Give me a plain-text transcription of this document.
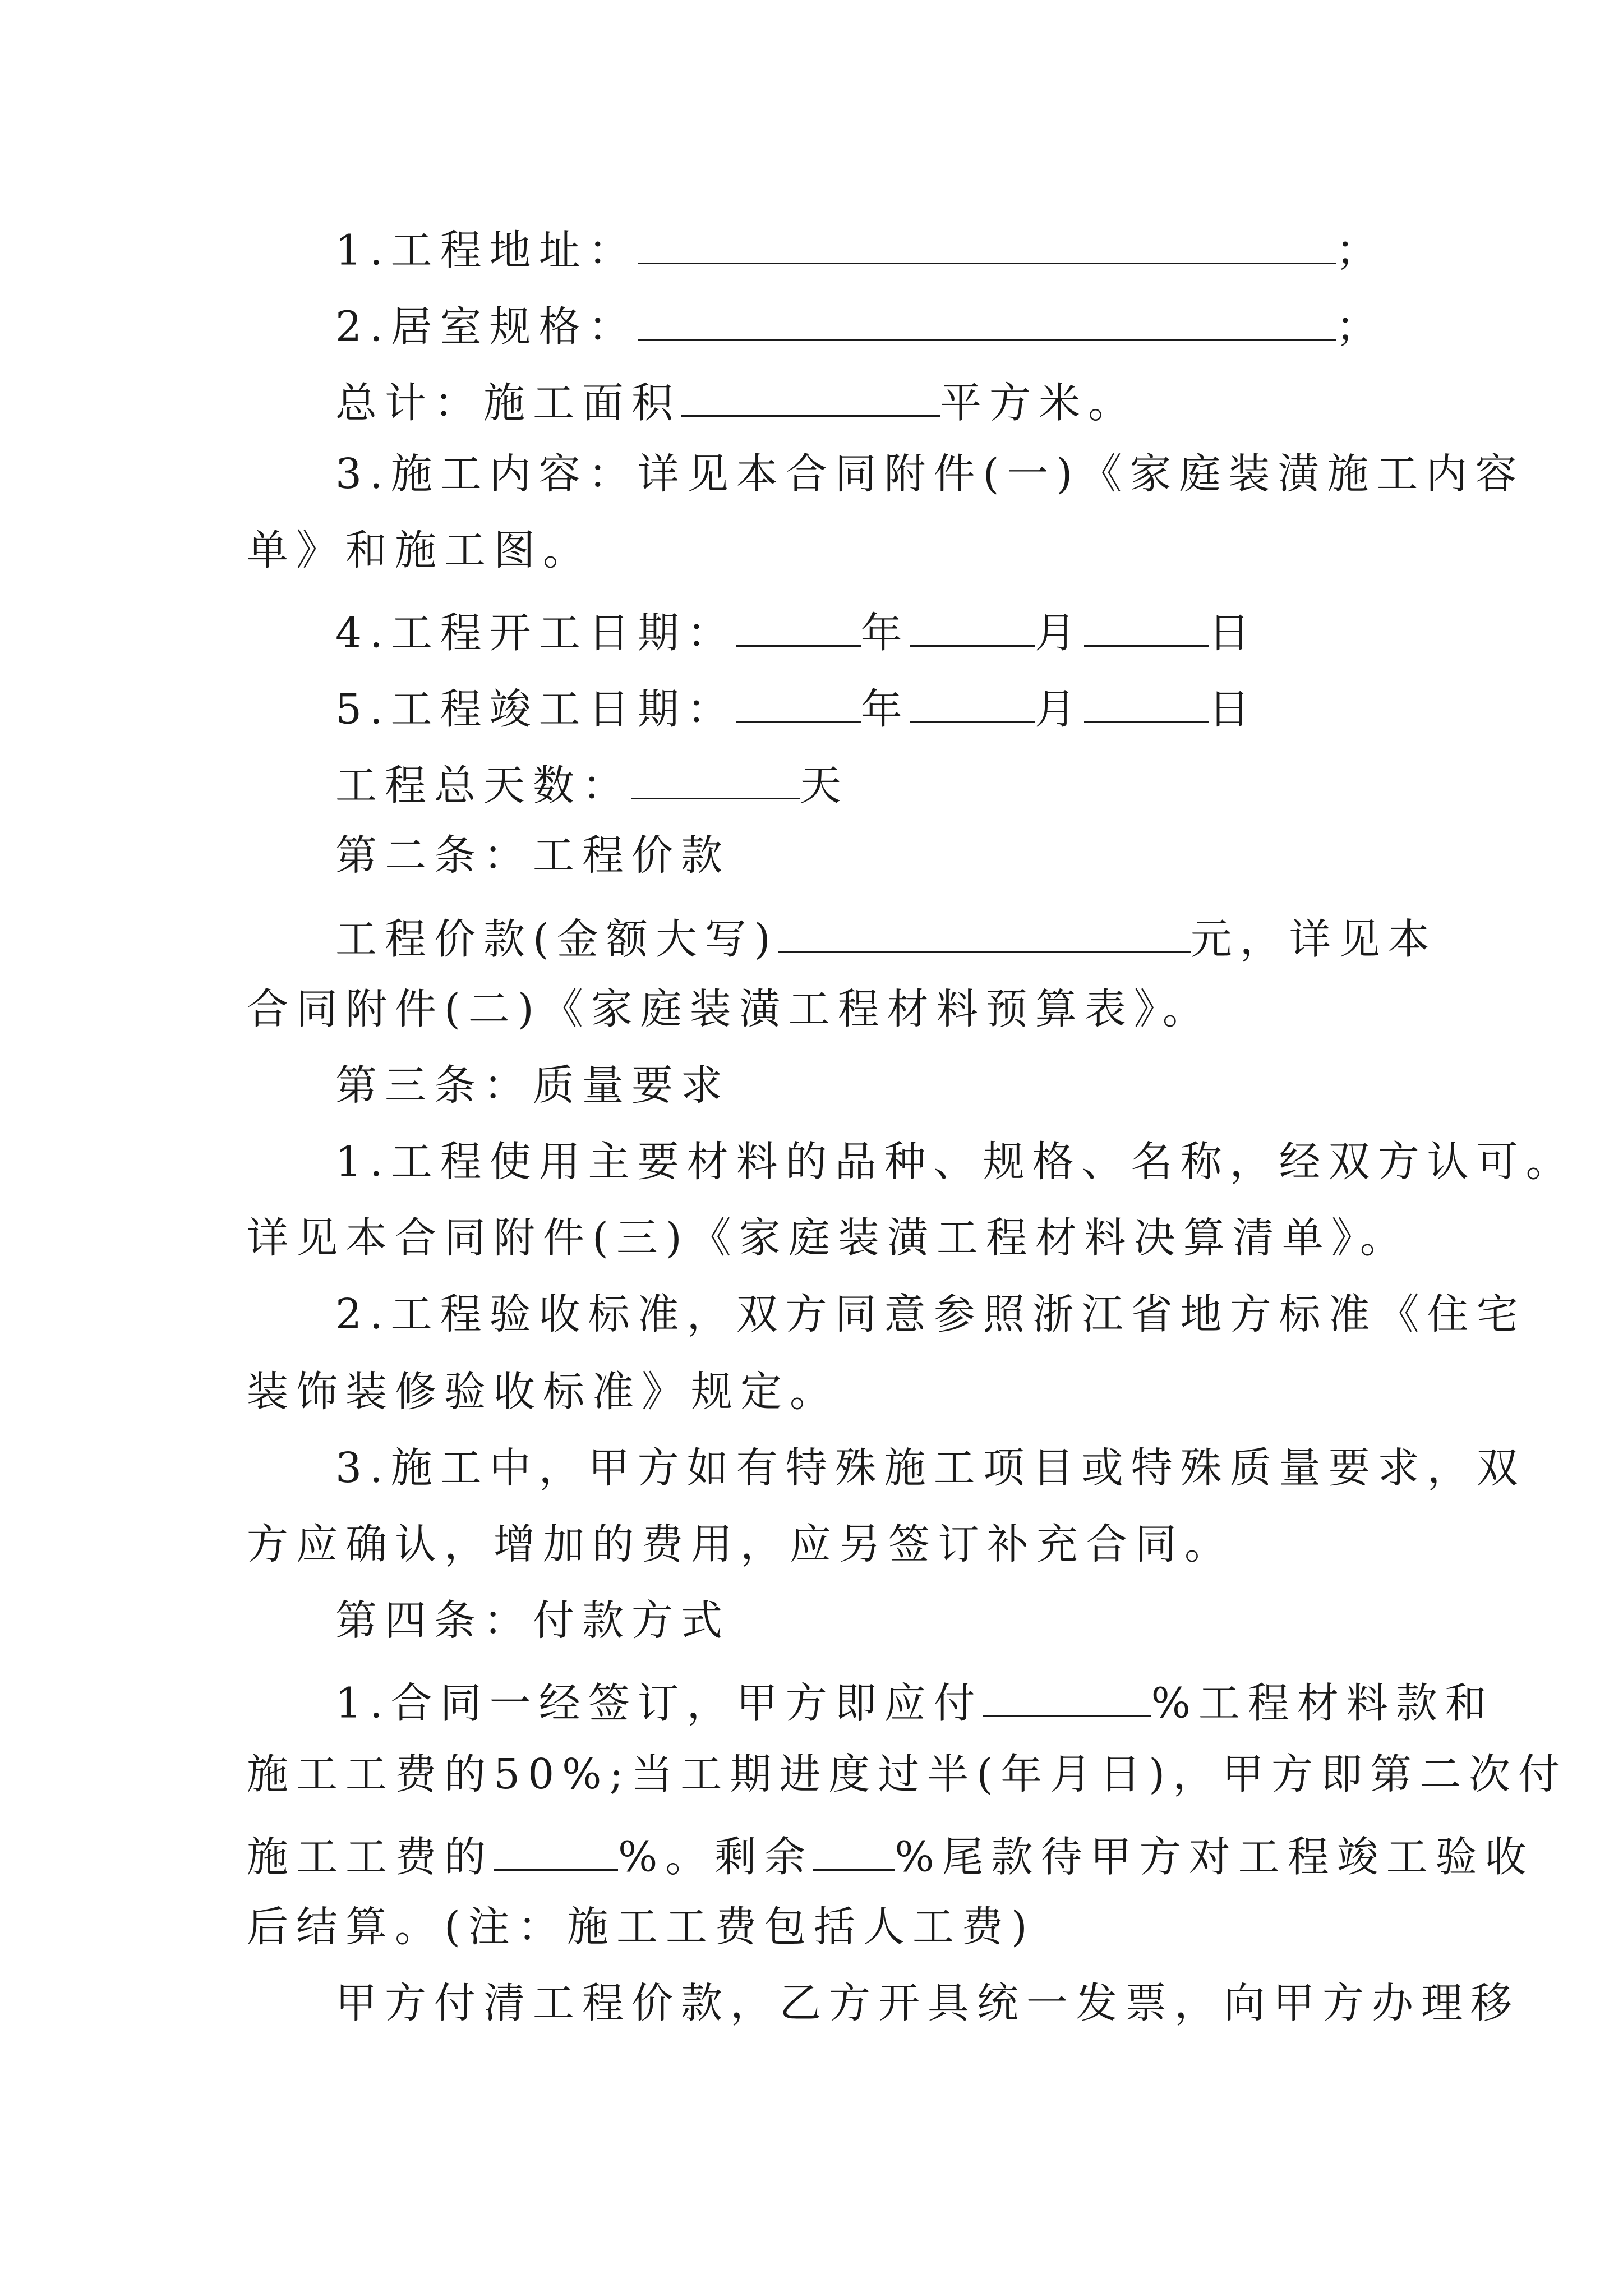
1.工程地址：	；
2.居室规格：	；
总计：施工面积	平方米。
3.施工内容：详见本合同附件(一)《家庭装潢施工内容
单》和施工图。
4.工程开工日期：	年	月	日
5.工程竣工日期：	年	月	日
工程总天数：	天
第二条：工程价款
工程价款(金额大写)	元，详见本
合同附件(二)《家庭装潢工程材料预算表》。
第三条：质量要求
1.工程使用主要材料的品种、规格、名称，经双方认可。
详见本合同附件(三)《家庭装潢工程材料决算清单》。
2.工程验收标准，双方同意参照浙江省地方标准《住宅
装饰装修验收标准》规定。
3.施工中，甲方如有特殊施工项目或特殊质量要求，双
方应确认，增加的费用，应另签订补充合同。
第四条：付款方式
1.合同一经签订，甲方即应付	%工程材料款和
施工工费的50%;当工期进度过半(年月日)，甲方即第二次付
施工工费的	%。剩余 %尾款待甲方对工程竣工验收
后结算。(注：施工工费包括人工费)
甲方付清工程价款，乙方开具统一发票，向甲方办理移
